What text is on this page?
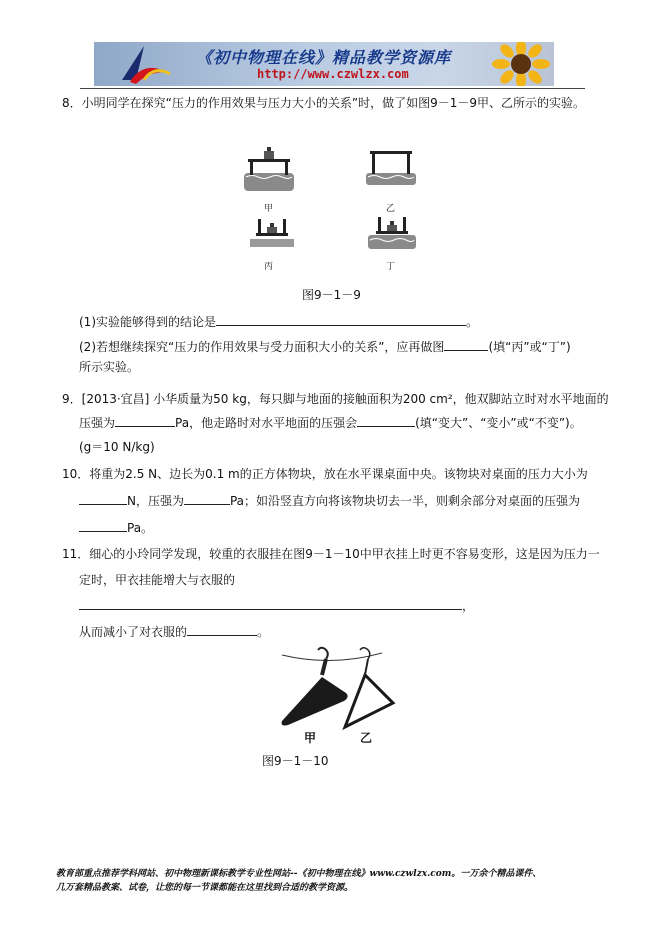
《初中物理在线》精品教学资源库
http://www.czwlzx.com
8．小明同学在探究“压力的作用效果与压力大小的关系”时，做了如图9－1－9甲、乙所示的实验。
甲	乙
丙	丁
图9－1－9
(1)实验能够得到的结论是	。
(2)若想继续探究“压力的作用效果与受力面积大小的关系”，应再做图	(填“丙”或“丁”)
所示实验。
9．[2013·宜昌] 小华质量为50 kg，每只脚与地面的接触面积为200 cm²，他双脚站立时对水平地面的
压强为	Pa，他走路时对水平地面的压强会	(填“变大”、“变小”或“不变”)。
(g＝10 N/kg)
10．将重为2.5 N、边长为0.1 m的正方体物块，放在水平课桌面中央。该物块对桌面的压力大小为
N，压强为	Pa；如沿竖直方向将该物块切去一半，则剩余部分对桌面的压强为
Pa。
11．细心的小玲同学发现，较重的衣服挂在图9－1－10中甲衣挂上时更不容易变形，这是因为压力一
定时，甲衣挂能增大与衣服的
，
从而减小了对衣服的	。
甲	乙
图9－1－10
教育部重点推荐学科网站、初中物理新课标教学专业性网站--《初中物理在线》www.czwlzx.com。一万余个精品课件、
几万套精品教案、试卷，让您的每一节课都能在这里找到合适的教学资源。
